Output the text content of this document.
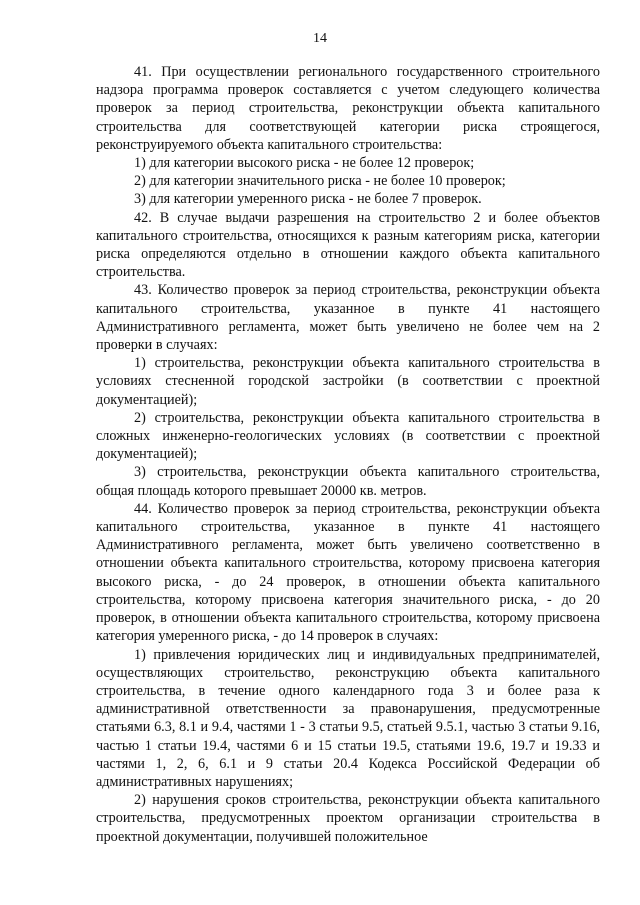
14

41. При осуществлении регионального государственного строительного надзора программа проверок составляется с учетом следующего количества проверок за период строительства, реконструкции объекта капитального строительства для соответствующей категории риска строящегося, реконструируемого объекта капитального строительства:

1) для категории высокого риска - не более 12 проверок;

2) для категории значительного риска - не более 10 проверок;

3) для категории умеренного риска - не более 7 проверок.

42. В случае выдачи разрешения на строительство 2 и более объектов капитального строительства, относящихся к разным категориям риска, категории риска определяются отдельно в отношении каждого объекта капитального строительства.

43. Количество проверок за период строительства, реконструкции объекта капитального строительства, указанное в пункте 41 настоящего Административного регламента, может быть увеличено не более чем на 2 проверки в случаях:

1) строительства, реконструкции объекта капитального строительства в условиях стесненной городской застройки (в соответствии с проектной документацией);

2) строительства, реконструкции объекта капитального строительства в сложных инженерно-геологических условиях (в соответствии с проектной документацией);

3) строительства, реконструкции объекта капитального строительства, общая площадь которого превышает 20000 кв. метров.

44. Количество проверок за период строительства, реконструкции объекта капитального строительства, указанное в пункте 41 настоящего Административного регламента, может быть увеличено соответственно в отношении объекта капитального строительства, которому присвоена категория высокого риска, - до 24 проверок, в отношении объекта капитального строительства, которому присвоена категория значительного риска, - до 20 проверок, в отношении объекта капитального строительства, которому присвоена категория умеренного риска, - до 14 проверок в случаях:

1) привлечения юридических лиц и индивидуальных предпринимателей, осуществляющих строительство, реконструкцию объекта капитального строительства, в течение одного календарного года 3 и более раза к административной ответственности за правонарушения, предусмотренные статьями 6.3, 8.1 и 9.4, частями 1 - 3 статьи 9.5, статьей 9.5.1, частью 3 статьи 9.16, частью 1 статьи 19.4, частями 6 и 15 статьи 19.5, статьями 19.6, 19.7 и 19.33 и частями 1, 2, 6, 6.1 и 9 статьи 20.4 Кодекса Российской Федерации об административных нарушениях;

2) нарушения сроков строительства, реконструкции объекта капитального строительства, предусмотренных проектом организации строительства в проектной документации, получившей положительное
